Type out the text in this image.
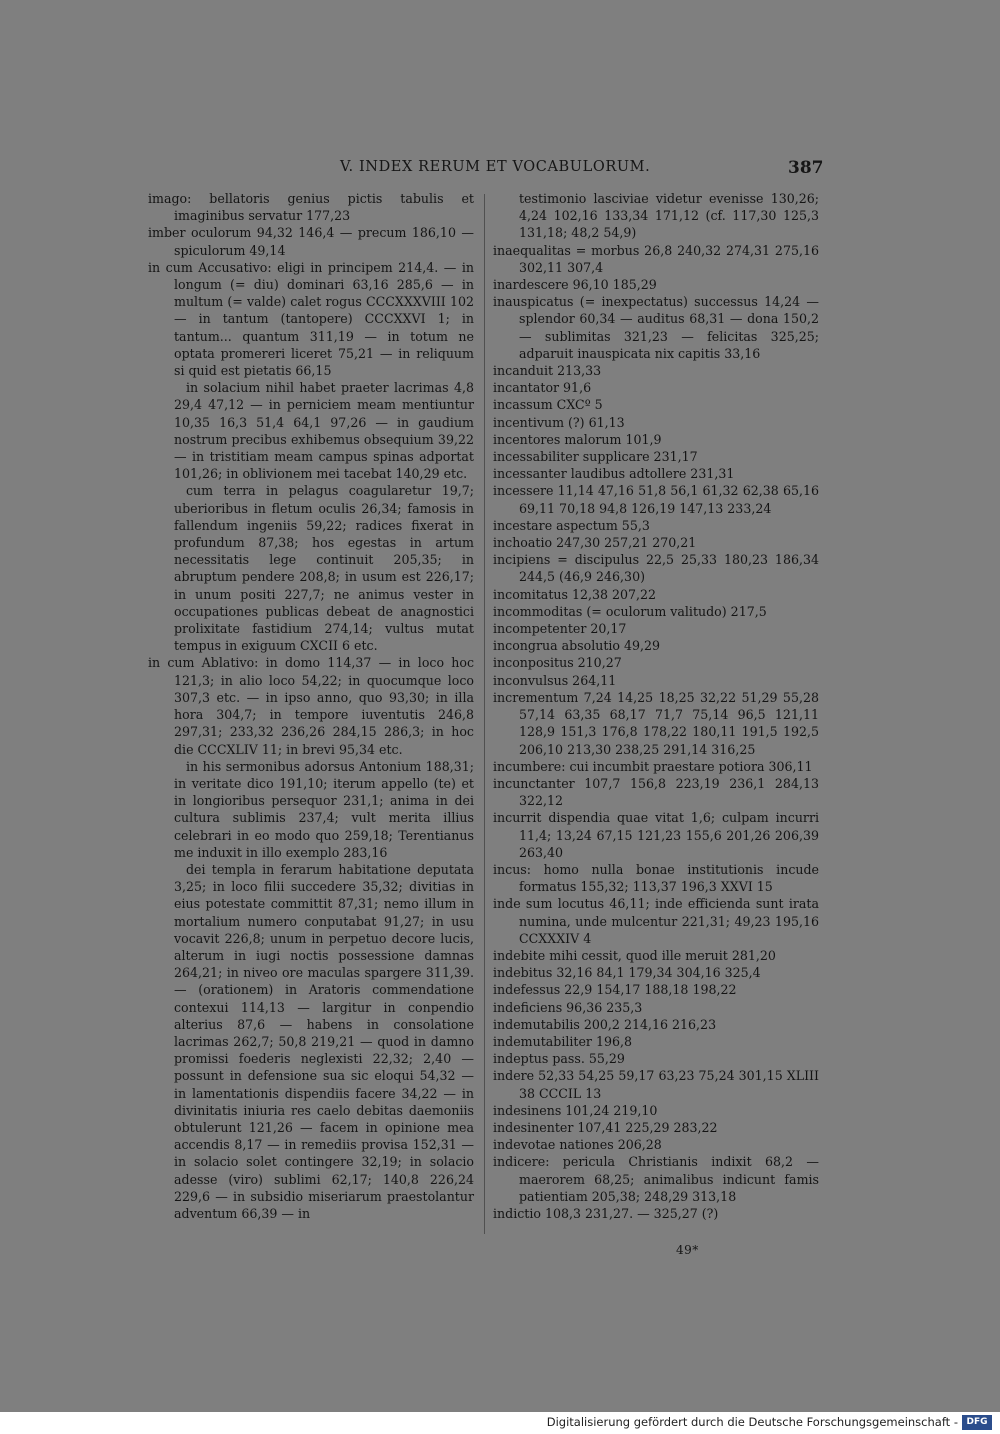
V. INDEX RERUM ET VOCABULORUM.	387

imago: bellatoris genius pictis tabulis et imaginibus servatur 177,23

imber oculorum 94,32 146,4 — precum 186,10 — spiculorum 49,14

in cum Accusativo: eligi in principem 214,4. — in longum (= diu) dominari 63,16 285,6 — in multum (= valde) calet rogus CCCXXXVIII 102 — in tantum (tantopere) CCCXXVI 1; in tantum... quantum 311,19 — in totum ne optata promereri liceret 75,21 — in reliquum si quid est pietatis 66,15

in solacium nihil habet praeter lacrimas 4,8 29,4 47,12 — in perniciem meam mentiuntur 10,35 16,3 51,4 64,1 97,26 — in gaudium nostrum precibus exhibemus obsequium 39,22 — in tristitiam meam campus spinas adportat 101,26; in oblivionem mei tacebat 140,29 etc.

cum terra in pelagus coagularetur 19,7; uberioribus in fletum oculis 26,34; famosis in fallendum ingeniis 59,22; radices fixerat in profundum 87,38; hos egestas in artum necessitatis lege continuit 205,35; in abruptum pendere 208,8; in usum est 226,17; in unum positi 227,7; ne animus vester in occupationes publicas debeat de anagnostici prolixitate fastidium 274,14; vultus mutat tempus in exiguum CXCII 6 etc.

in cum Ablativo: in domo 114,37 — in loco hoc 121,3; in alio loco 54,22; in quocumque loco 307,3 etc. — in ipso anno, quo 93,30; in illa hora 304,7; in tempore iuventutis 246,8 297,31; 233,32 236,26 284,15 286,3; in hoc die CCCXLIV 11; in brevi 95,34 etc.

in his sermonibus adorsus Antonium 188,31; in veritate dico 191,10; iterum appello (te) et in longioribus persequor 231,1; anima in dei cultura sublimis 237,4; vult merita illius celebrari in eo modo quo 259,18; Terentianus me induxit in illo exemplo 283,16

dei templa in ferarum habitatione deputata 3,25; in loco filii succedere 35,32; divitias in eius potestate committit 87,31; nemo illum in mortalium numero conputabat 91,27; in usu vocavit 226,8; unum in perpetuo decore lucis, alterum in iugi noctis possessione damnas 264,21; in niveo ore maculas spargere 311,39. — (orationem) in Aratoris commendatione contexui 114,13 — largitur in conpendio alterius 87,6 — habens in consolatione lacrimas 262,7; 50,8 219,21 — quod in damno promissi foederis neglexisti 22,32; 2,40 — possunt in defensione sua sic eloqui 54,32 — in lamentationis dispendiis facere 34,22 — in divinitatis iniuria res caelo debitas daemoniis obtulerunt 121,26 — facem in opinione mea accendis 8,17 — in remediis provisa 152,31 — in solacio solet contingere 32,19; in solacio adesse (viro) sublimi 62,17; 140,8 226,24 229,6 — in subsidio miseriarum praestolantur adventum 66,39 — in

testimonio lasciviae videtur evenisse 130,26; 4,24 102,16 133,34 171,12 (cf. 117,30 125,3 131,18; 48,2 54,9)

inaequalitas = morbus 26,8 240,32 274,31 275,16 302,11 307,4

inardescere 96,10 185,29

inauspicatus (= inexpectatus) successus 14,24 — splendor 60,34 — auditus 68,31 — dona 150,2 — sublimitas 321,23 — felicitas 325,25; adparuit inauspicata nix capitis 33,16

incanduit 213,33

incantator 91,6

incassum CXCº 5

incentivum (?) 61,13

incentores malorum 101,9

incessabiliter supplicare 231,17

incessanter laudibus adtollere 231,31

incessere 11,14 47,16 51,8 56,1 61,32 62,38 65,16 69,11 70,18 94,8 126,19 147,13 233,24

incestare aspectum 55,3

inchoatio 247,30 257,21 270,21

incipiens = discipulus 22,5 25,33 180,23 186,34 244,5 (46,9 246,30)

incomitatus 12,38 207,22

incommoditas (= oculorum valitudo) 217,5

incompetenter 20,17

incongrua absolutio 49,29

inconpositus 210,27

inconvulsus 264,11

incrementum 7,24 14,25 18,25 32,22 51,29 55,28 57,14 63,35 68,17 71,7 75,14 96,5 121,11 128,9 151,3 176,8 178,22 180,11 191,5 192,5 206,10 213,30 238,25 291,14 316,25

incumbere: cui incumbit praestare potiora 306,11

incunctanter 107,7 156,8 223,19 236,1 284,13 322,12

incurrit dispendia quae vitat 1,6; culpam incurri 11,4; 13,24 67,15 121,23 155,6 201,26 206,39 263,40

incus: homo nulla bonae institutionis incude formatus 155,32; 113,37 196,3 XXVI 15

inde sum locutus 46,11; inde efficienda sunt irata numina, unde mulcentur 221,31; 49,23 195,16 CCXXXIV 4

indebite mihi cessit, quod ille meruit 281,20

indebitus 32,16 84,1 179,34 304,16 325,4

indefessus 22,9 154,17 188,18 198,22

indeficiens 96,36 235,3

indemutabilis 200,2 214,16 216,23

indemutabiliter 196,8

indeptus pass. 55,29

indere 52,33 54,25 59,17 63,23 75,24 301,15 XLIII 38 CCCIL 13

indesinens 101,24 219,10

indesinenter 107,41 225,29 283,22

indevotae nationes 206,28

indicere: pericula Christianis indixit 68,2 — maerorem 68,25; animalibus indicunt famis patientiam 205,38; 248,29 313,18

indictio 108,3 231,27. — 325,27 (?)

49*
Digitalisierung gefördert durch die Deutsche Forschungsgemeinschaft - DFG
